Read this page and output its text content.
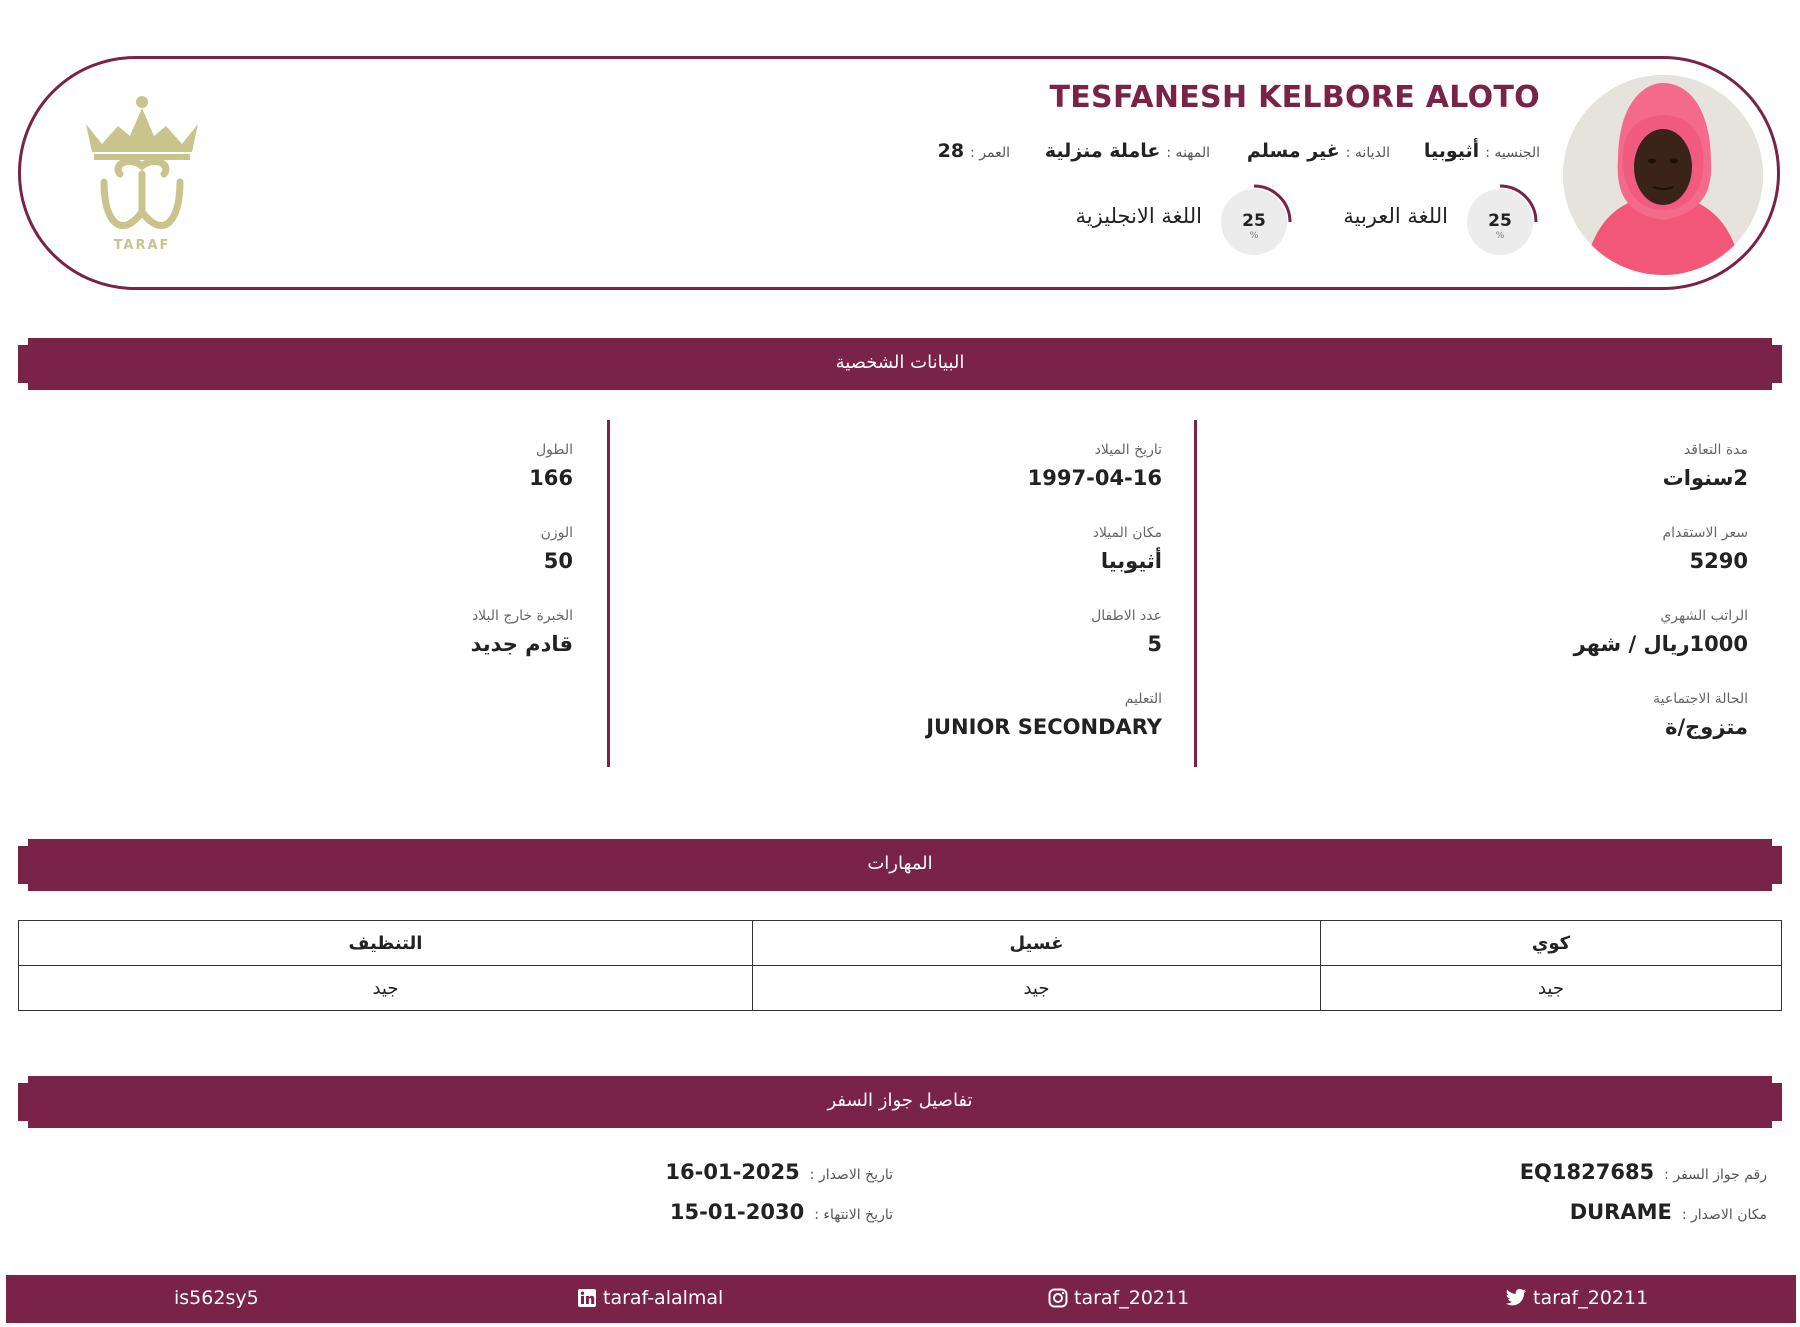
TESFANESH KELBORE ALOTO
الجنسيه :أثيوبيا
الديانه :غير مسلم
المهنه :عاملة منزلية
العمر :28
اللغة العربية 25
%
اللغة الانجليزية 25
%
TARAF
البيانات الشخصية
مدة التعاقد
2سنوات
سعر الاستقدام
5290
الراتب الشهري
1000ريال / شهر
الحالة الاجتماعية
متزوج/ة
تاريخ الميلاد
1997-04-16
مكان الميلاد
أثيوبيا
عدد الاطفال
5
التعليم
JUNIOR SECONDARY
الطول
166
الوزن
50
الخبرة خارج البلاد
قادم جديد
المهارات
التنظيف	غسيل	كوي
جيد	جيد	جيد
تفاصيل جواز السفر
رقم جواز السفر :EQ1827685
مكان الاصدار :DURAME
تاريخ الاصدار :2025-01-16
تاريخ الانتهاء :2030-01-15
is562sy5	taraf-alalmal	taraf_20211	taraf_20211
